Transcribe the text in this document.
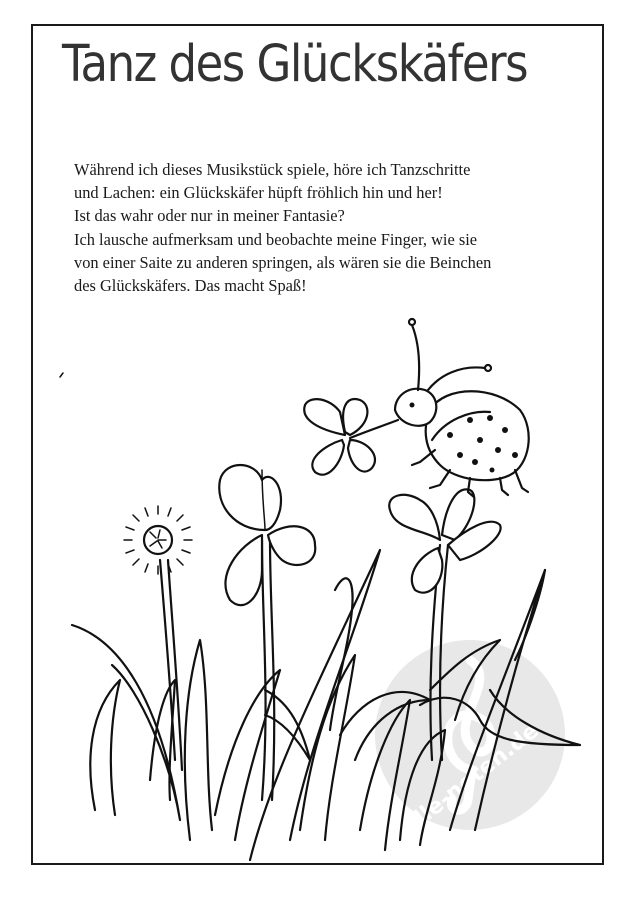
Tanz des Glückskäfers

Während ich dieses Musikstück spiele, höre ich Tanzschritte
und Lachen: ein Glückskäfer hüpft fröhlich hin und her!
Ist das wahr oder nur in meiner Fantasie?
Ich lausche aufmerksam und beobachte meine Finger, wie sie
von einer Saite zu anderen springen, als wären sie die Beinchen
des Glückskäfers. Das macht Spaß!

alle-noten.de
